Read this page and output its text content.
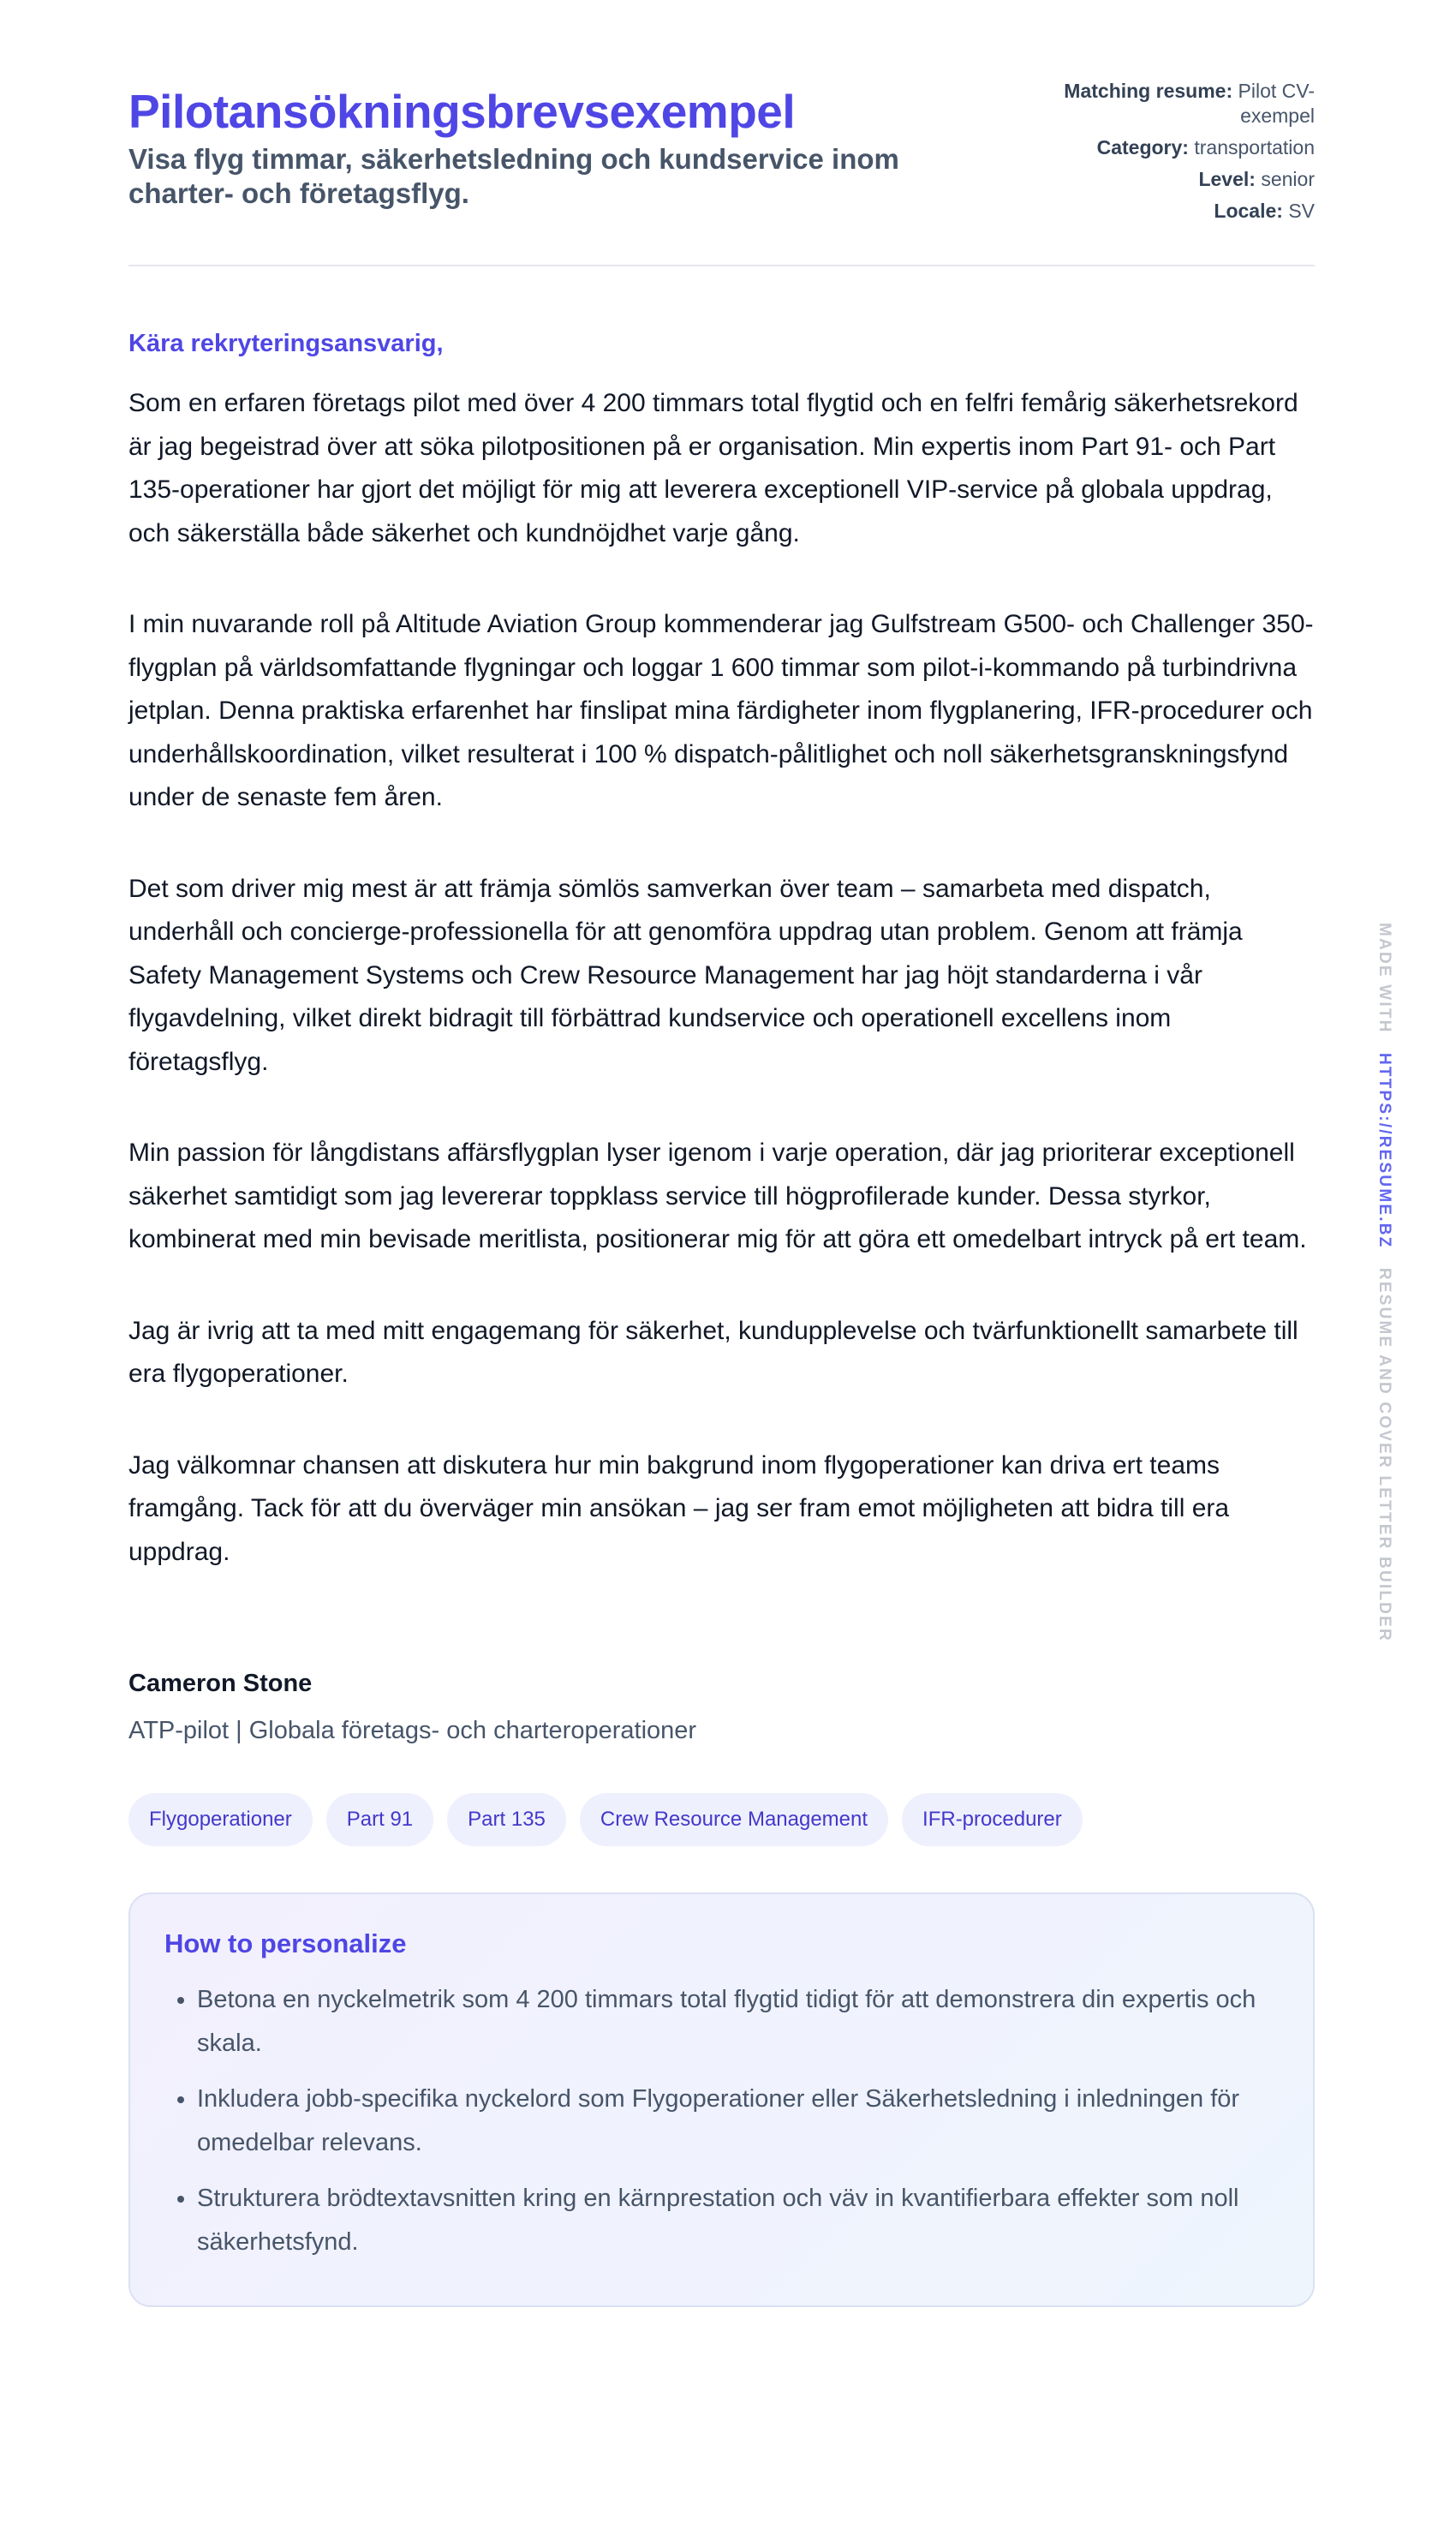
Pilotansökningsbrevsexempel

Visa flyg timmar, säkerhetsledning och kundservice inom charter- och företagsflyg.

Matching resume: Pilot CV-exempel
Category: transportation
Level: senior
Locale: SV
Kära rekryteringsansvarig,

Som en erfaren företags pilot med över 4 200 timmars total flygtid och en felfri femårig säkerhetsrekord är jag begeistrad över att söka pilotpositionen på er organisation. Min expertis inom Part 91- och Part 135-operationer har gjort det möjligt för mig att leverera exceptionell VIP-service på globala uppdrag, och säkerställa både säkerhet och kundnöjdhet varje gång.

I min nuvarande roll på Altitude Aviation Group kommenderar jag Gulfstream G500- och Challenger 350-flygplan på världsomfattande flygningar och loggar 1 600 timmar som pilot-i-kommando på turbindrivna jetplan. Denna praktiska erfarenhet har finslipat mina färdigheter inom flygplanering, IFR-procedurer och underhållskoordination, vilket resulterat i 100 % dispatch-pålitlighet och noll säkerhetsgranskningsfynd under de senaste fem åren.

Det som driver mig mest är att främja sömlös samverkan över team – samarbeta med dispatch, underhåll och concierge-professionella för att genomföra uppdrag utan problem. Genom att främja Safety Management Systems och Crew Resource Management har jag höjt standarderna i vår flygavdelning, vilket direkt bidragit till förbättrad kundservice och operationell excellens inom företagsflyg.

Min passion för långdistans affärsflygplan lyser igenom i varje operation, där jag prioriterar exceptionell säkerhet samtidigt som jag levererar toppklass service till högprofilerade kunder. Dessa styrkor, kombinerat med min bevisade meritlista, positionerar mig för att göra ett omedelbart intryck på ert team.

Jag är ivrig att ta med mitt engagemang för säkerhet, kundupplevelse och tvärfunktionellt samarbete till era flygoperationer.

Jag välkomnar chansen att diskutera hur min bakgrund inom flygoperationer kan driva ert teams framgång. Tack för att du överväger min ansökan – jag ser fram emot möjligheten att bidra till era uppdrag.

Cameron Stone
ATP-pilot | Globala företags- och charteroperationer
Flygoperationer	Part 91	Part 135	Crew Resource Management	IFR-procedurer
How to personalize
• Betona en nyckelmetrik som 4 200 timmars total flygtid tidigt för att demonstrera din expertis och skala.
• Inkludera jobb-specifika nyckelord som Flygoperationer eller Säkerhetsledning i inledningen för omedelbar relevans.
• Strukturera brödtextavsnitten kring en kärnprestation och väv in kvantifierbara effekter som noll säkerhetsfynd.
MADE WITH   HTTPS://RESUME.BZ   RESUME AND COVER LETTER BUILDER
